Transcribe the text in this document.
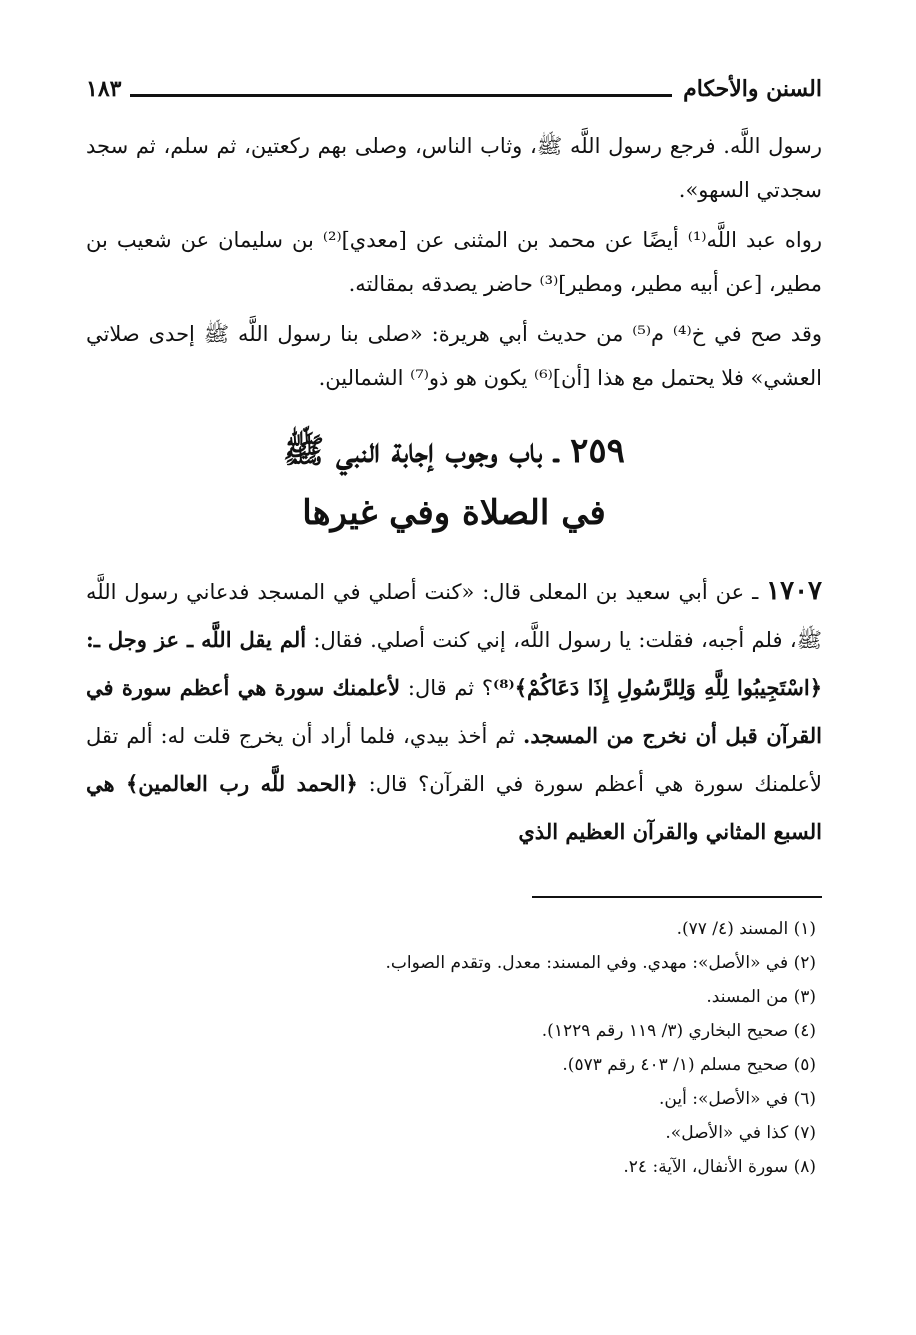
السنن والأحكام
١٨٣

رسول اللَّه. فرجع رسول اللَّه ﷺ، وثاب الناس، وصلى بهم ركعتين، ثم سلم، ثم سجد سجدتي السهو».

رواه عبد اللَّه⁽¹⁾ أيضًا عن محمد بن المثنى عن [معدي]⁽²⁾ بن سليمان عن شعيب بن مطير، [عن أبيه مطير، ومطير]⁽³⁾ حاضر يصدقه بمقالته.

وقد صح في خ⁽⁴⁾ م⁽⁵⁾ من حديث أبي هريرة: «صلى بنا رسول اللَّه ﷺ إحدى صلاتي العشي» فلا يحتمل مع هذا [أن]⁽⁶⁾ يكون هو ذو⁽⁷⁾ الشمالين.

٢٥٩ ـ باب وجوب إجابة النبي ﷺ
في الصلاة وفي غيرها
١٧٠٧ ـ عن أبي سعيد بن المعلى قال: «كنت أصلي في المسجد فدعاني رسول اللَّه ﷺ، فلم أجبه، فقلت: يا رسول اللَّه، إني كنت أصلي. فقال: ألم يقل اللَّه ـ عز وجل ـ: ﴿اسْتَجِيبُوا لِلَّهِ وَلِلرَّسُولِ إِذَا دَعَاكُمْ﴾⁽⁸⁾؟ ثم قال: لأعلمنك سورة هي أعظم سورة في القرآن قبل أن نخرج من المسجد. ثم أخذ بيدي، فلما أراد أن يخرج قلت له: ألم تقل لأعلمنك سورة هي أعظم سورة في القرآن؟ قال: ﴿الحمد للَّه رب العالمين﴾ هي السبع المثاني والقرآن العظيم الذي
(١) المسند (٤/ ٧٧).
(٢) في «الأصل»: مهدي. وفي المسند: معدل. وتقدم الصواب.
(٣) من المسند.
(٤) صحيح البخاري (٣/ ١١٩ رقم ١٢٢٩).
(٥) صحيح مسلم (١/ ٤٠٣ رقم ٥٧٣).
(٦) في «الأصل»: أين.
(٧) كذا في «الأصل».
(٨) سورة الأنفال، الآية: ٢٤.
